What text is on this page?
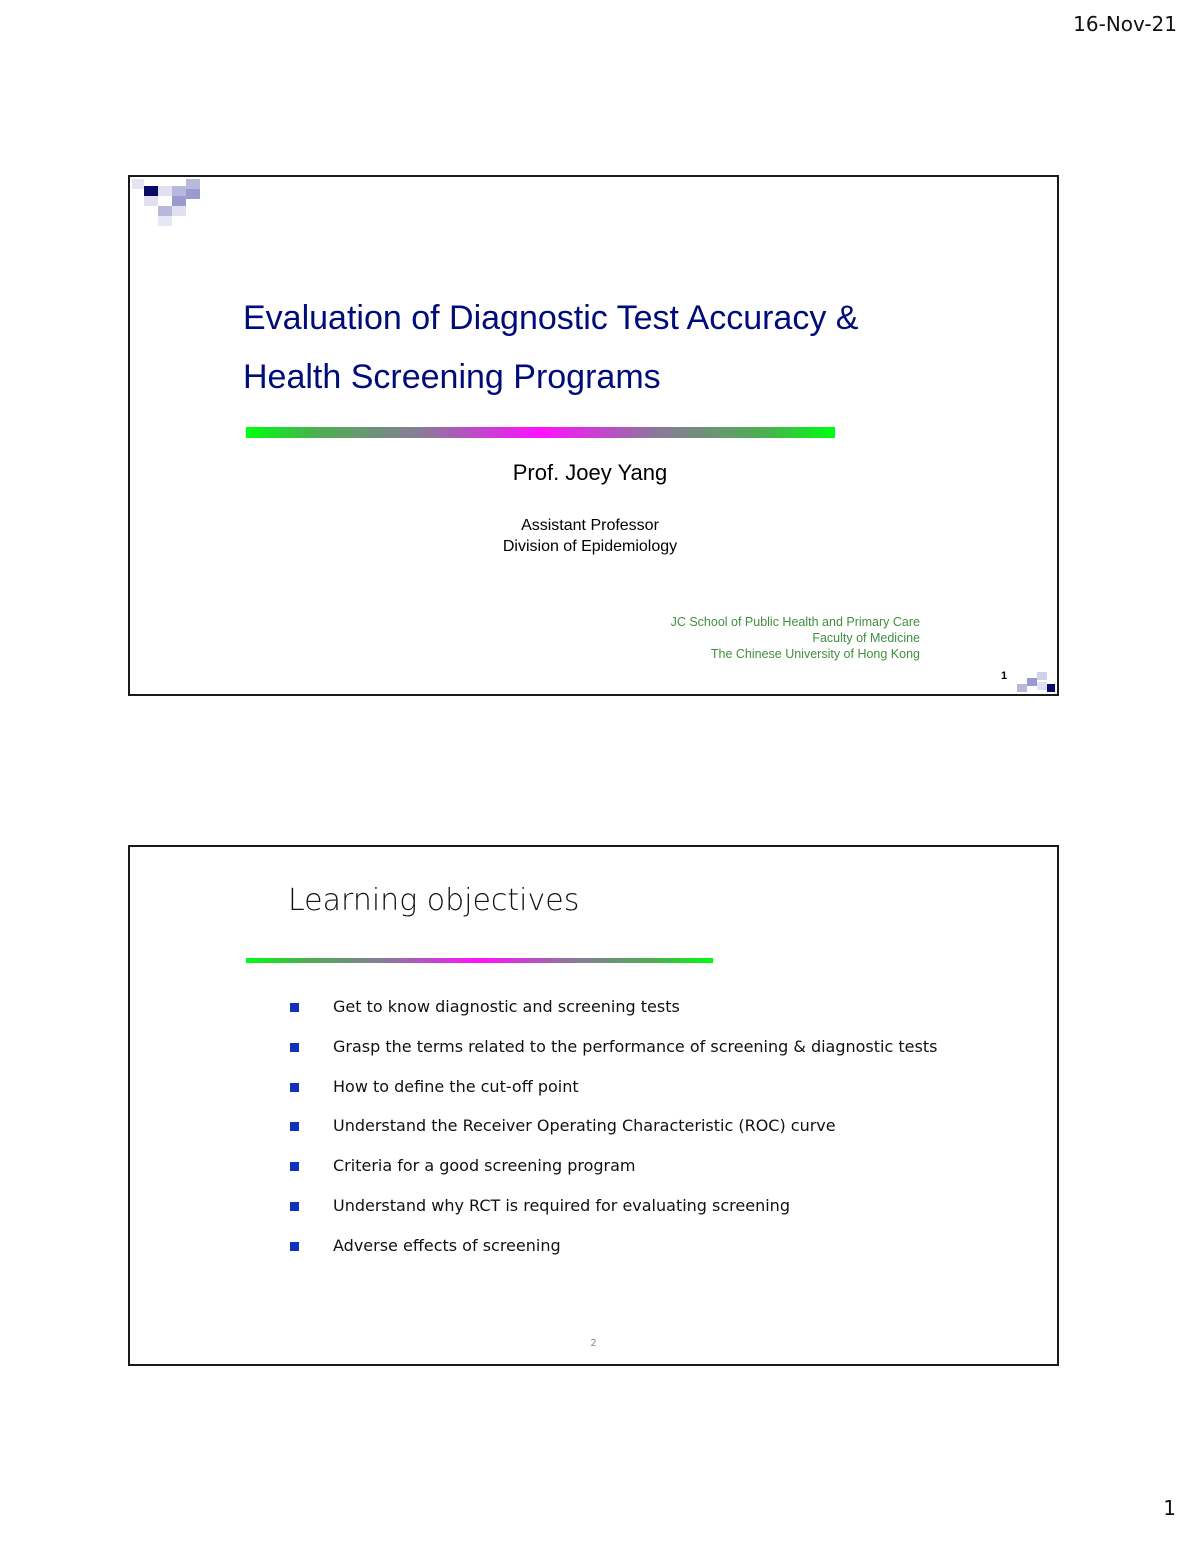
16-Nov-21
Evaluation of Diagnostic Test Accuracy &
Health Screening Programs
Prof. Joey Yang
Assistant Professor
Division of Epidemiology
JC School of Public Health and Primary Care
Faculty of Medicine
The Chinese University of Hong Kong
1
Learning objectives
Get to know diagnostic and screening tests
Grasp the terms related to the performance of screening & diagnostic tests
How to define the cut-off point
Understand the Receiver Operating Characteristic (ROC) curve
Criteria for a good screening program
Understand why RCT is required for evaluating screening
Adverse effects of screening
2
1
